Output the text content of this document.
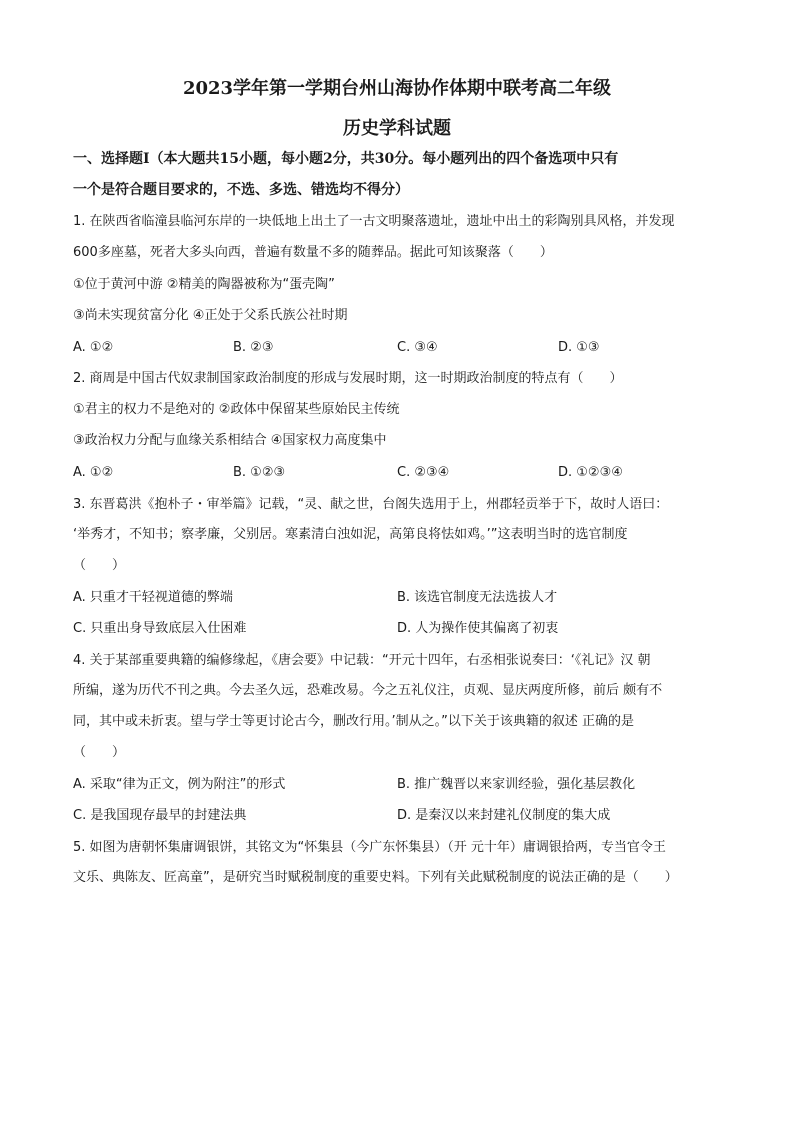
2023学年第一学期台州山海协作体期中联考高二年级
历史学科试题
一、选择题Ⅰ（本大题共15小题，每小题2分，共30分。每小题列出的四个备选项中只有
一个是符合题目要求的，不选、多选、错选均不得分）
1. 在陕西省临潼县临河东岸的一块低地上出土了一古文明聚落遗址，遗址中出土的彩陶别具风格，并发现
600多座墓，死者大多头向西，普遍有数量不多的随葬品。据此可知该聚落（　　）
①位于黄河中游 ②精美的陶器被称为“蛋壳陶”
③尚未实现贫富分化 ④正处于父系氏族公社时期
A. ①②	B. ②③	C. ③④	D. ①③
2. 商周是中国古代奴隶制国家政治制度的形成与发展时期，这一时期政治制度的特点有（　　）
①君主的权力不是绝对的 ②政体中保留某些原始民主传统
③政治权力分配与血缘关系相结合 ④国家权力高度集中
A. ①②	B. ①②③	C. ②③④	D. ①②③④
3. 东晋葛洪《抱朴子・审举篇》记载，“灵、献之世，台阁失选用于上，州郡轻贡举于下，故时人语曰：
‘举秀才，不知书；察孝廉，父别居。寒素清白浊如泥，高第良将怯如鸡。’”这表明当时的选官制度
（　　）
A. 只重才干轻视道德的弊端	B. 该选官制度无法选拔人才
C. 只重出身导致底层入仕困难	D. 人为操作使其偏离了初衷
4. 关于某部重要典籍的编修缘起，《唐会要》中记载：“开元十四年，右丞相张说奏曰：‘《礼记》汉 朝
所编，遂为历代不刊之典。今去圣久远，恐难改易。今之五礼仪注，贞观、显庆两度所修，前后 颇有不
同，其中或未折衷。望与学士等更讨论古今，删改行用。’制从之。”以下关于该典籍的叙述 正确的是
（　　）
A. 采取“律为正文，例为附注”的形式	B. 推广魏晋以来家训经验，强化基层教化
C. 是我国现存最早的封建法典	D. 是秦汉以来封建礼仪制度的集大成
5. 如图为唐朝怀集庸调银饼，其铭文为“怀集县（今广东怀集县）（开 元十年）庸调银拾两，专当官令王
文乐、典陈友、匠高童”，是研究当时赋税制度的重要史料。下列有关此赋税制度的说法正确的是（　　）
